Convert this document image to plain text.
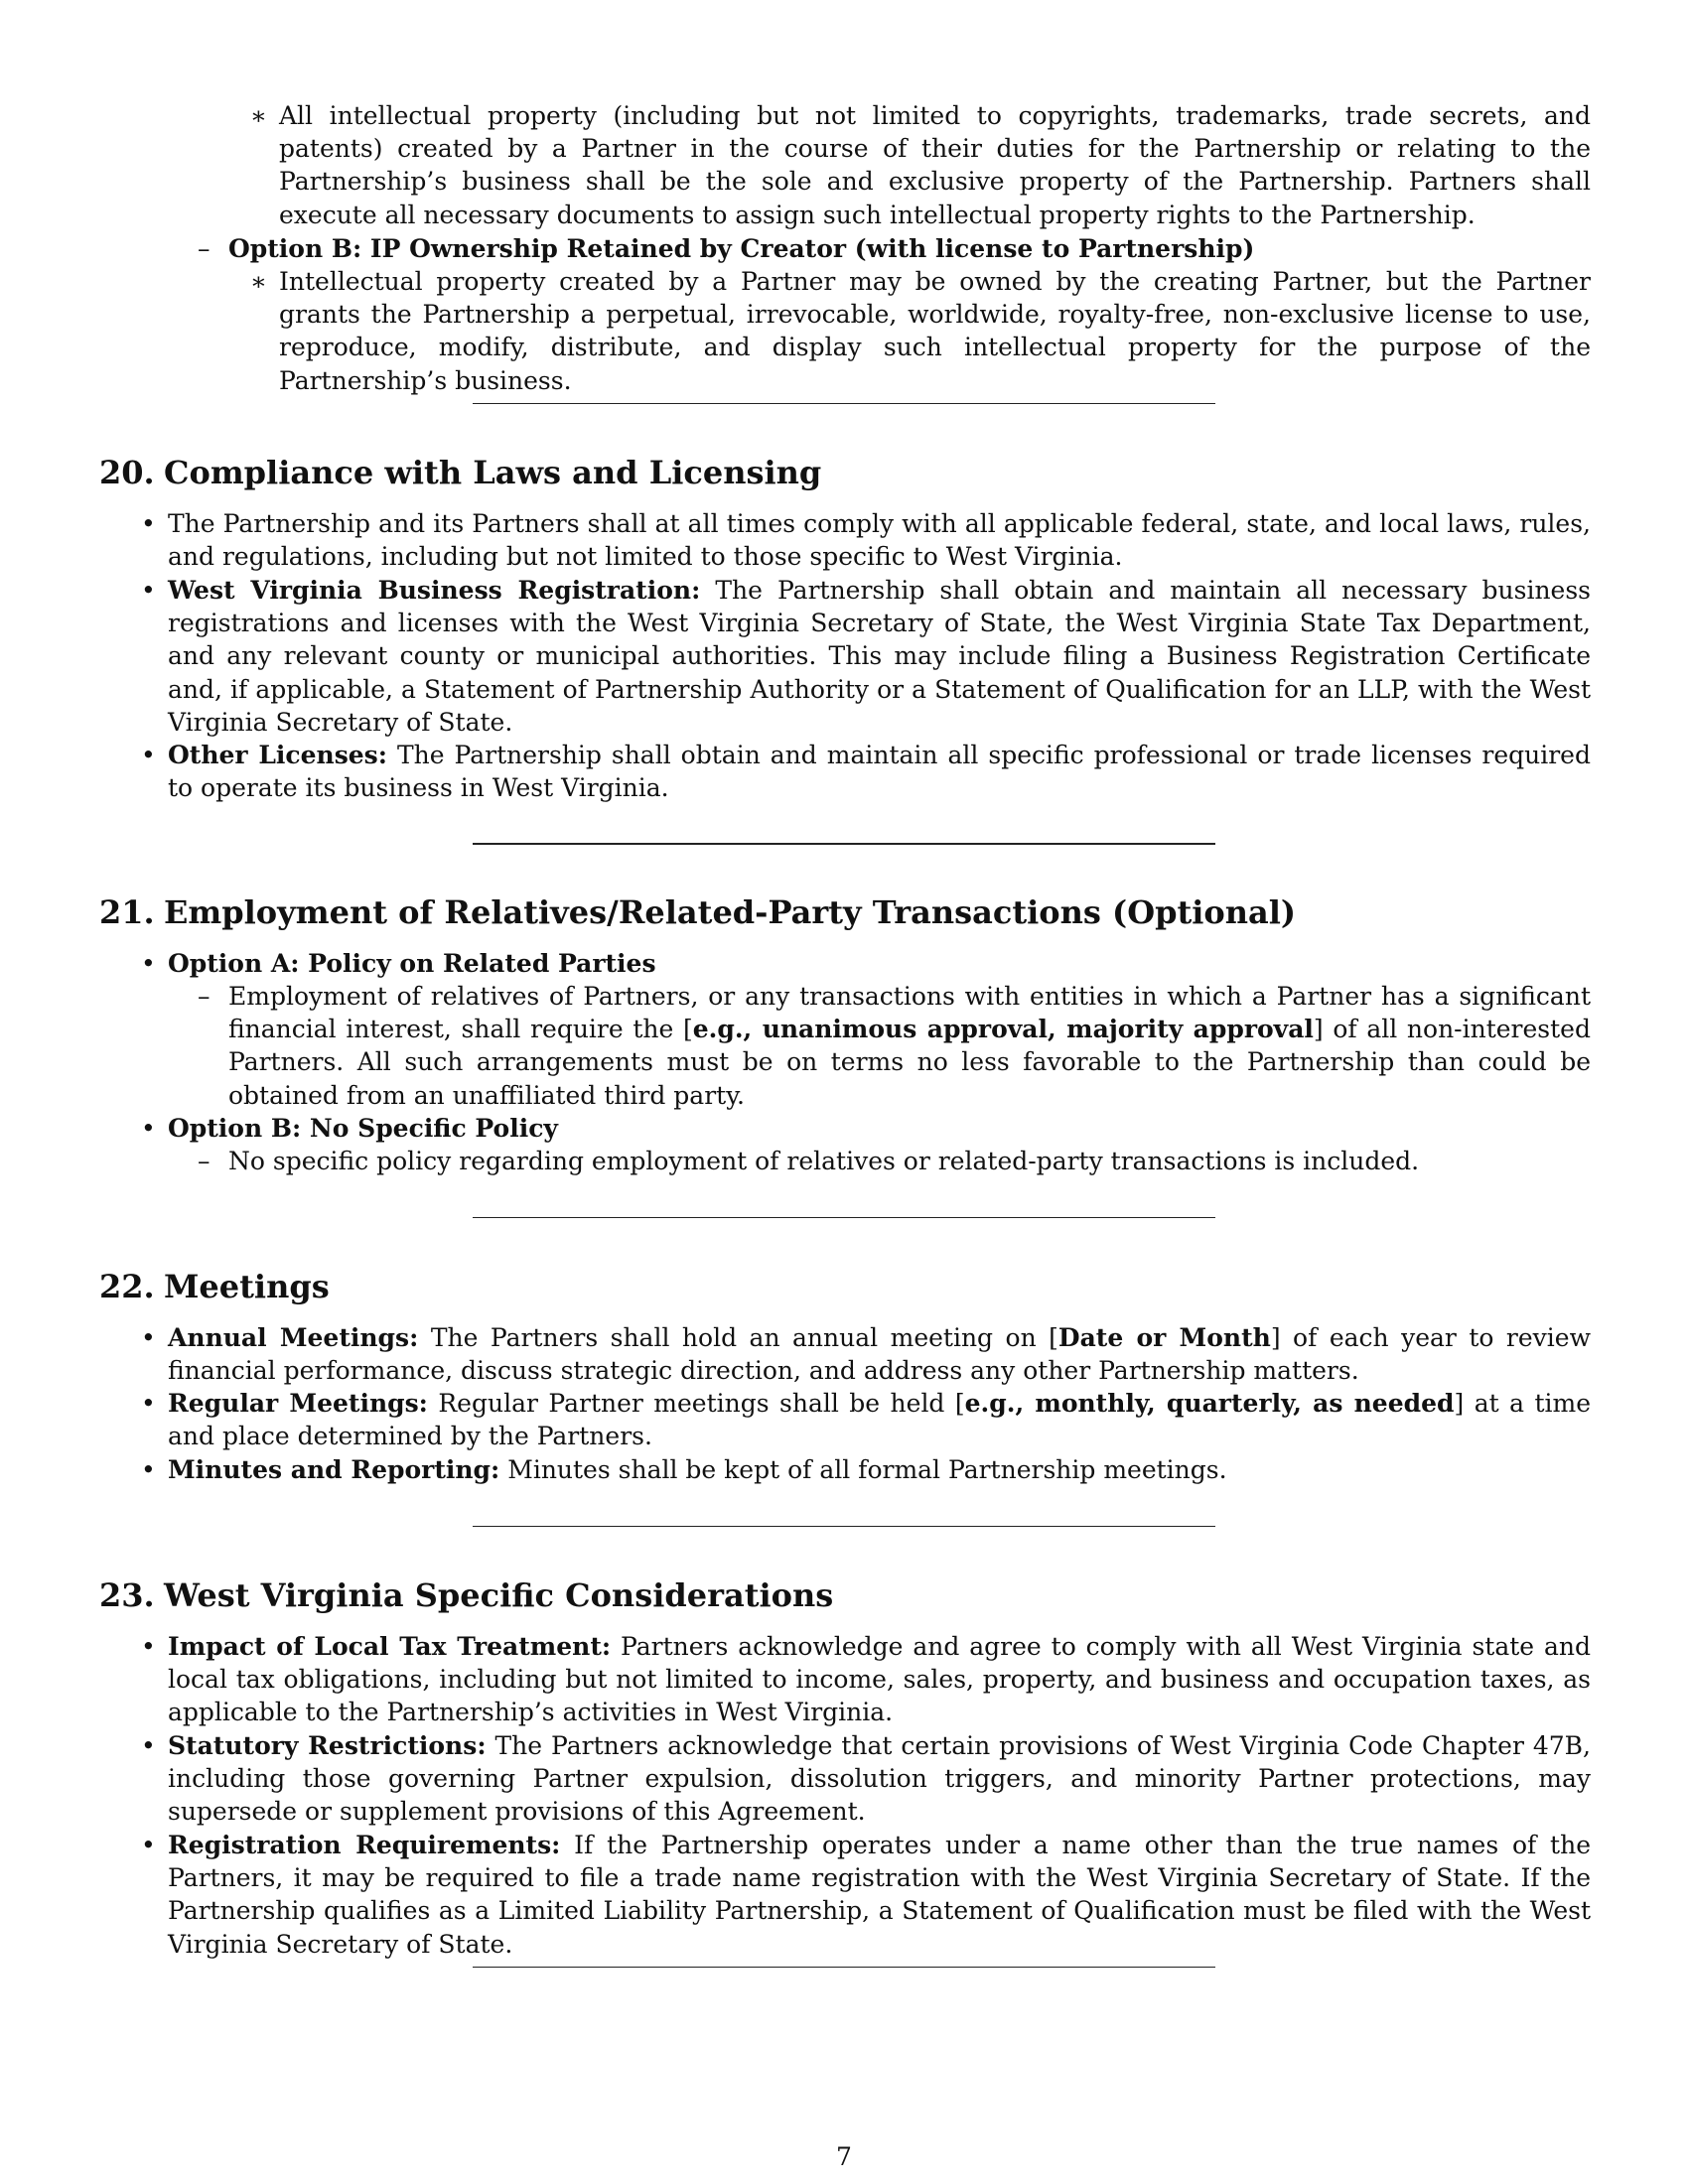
∗ All intellectual property (including but not limited to copyrights, trademarks, trade secrets, and patents) created by a Partner in the course of their duties for the Partnership or relating to the Partnership’s business shall be the sole and exclusive property of the Partnership. Partners shall execute all necessary documents to assign such intellectual property rights to the Partnership.

– Option B: IP Ownership Retained by Creator (with license to Partnership)

∗ Intellectual property created by a Partner may be owned by the creating Partner, but the Partner grants the Partnership a perpetual, irrevocable, worldwide, royalty-free, non-exclusive license to use, reproduce, modify, distribute, and display such intellectual property for the purpose of the Partnership’s business.

20. Compliance with Laws and Licensing
• The Partnership and its Partners shall at all times comply with all applicable federal, state, and local laws, rules, and regulations, including but not limited to those specific to West Virginia.

• West Virginia Business Registration: The Partnership shall obtain and maintain all necessary business registrations and licenses with the West Virginia Secretary of State, the West Virginia State Tax Department, and any relevant county or municipal authorities. This may include filing a Business Registration Certificate and, if applicable, a Statement of Partnership Authority or a Statement of Qualification for an LLP, with the West Virginia Secretary of State.

• Other Licenses: The Partnership shall obtain and maintain all specific professional or trade licenses required to operate its business in West Virginia.

21. Employment of Relatives/Related-Party Transactions (Optional)
• Option A: Policy on Related Parties

– Employment of relatives of Partners, or any transactions with entities in which a Partner has a significant financial interest, shall require the [e.g., unanimous approval, majority approval] of all non-interested Partners. All such arrangements must be on terms no less favorable to the Partnership than could be obtained from an unaffiliated third party.

• Option B: No Specific Policy

– No specific policy regarding employment of relatives or related-party transactions is included.

22. Meetings
• Annual Meetings: The Partners shall hold an annual meeting on [Date or Month] of each year to review financial performance, discuss strategic direction, and address any other Partnership matters.

• Regular Meetings: Regular Partner meetings shall be held [e.g., monthly, quarterly, as needed] at a time and place determined by the Partners.

• Minutes and Reporting: Minutes shall be kept of all formal Partnership meetings.

23. West Virginia Specific Considerations
• Impact of Local Tax Treatment: Partners acknowledge and agree to comply with all West Virginia state and local tax obligations, including but not limited to income, sales, property, and business and occupation taxes, as applicable to the Partnership’s activities in West Virginia.

• Statutory Restrictions: The Partners acknowledge that certain provisions of West Virginia Code Chapter 47B, including those governing Partner expulsion, dissolution triggers, and minority Partner protections, may supersede or supplement provisions of this Agreement.

• Registration Requirements: If the Partnership operates under a name other than the true names of the Partners, it may be required to file a trade name registration with the West Virginia Secretary of State. If the Partnership qualifies as a Limited Liability Partnership, a Statement of Qualification must be filed with the West Virginia Secretary of State.

7
